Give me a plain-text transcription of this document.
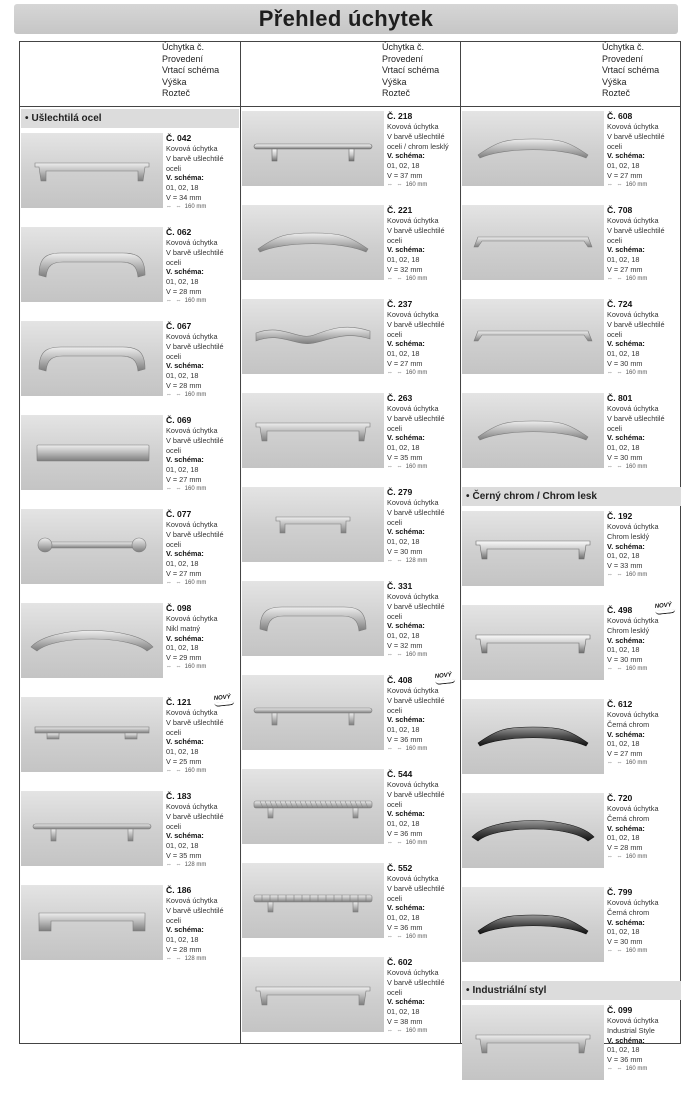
Přehled úchytek
Úchytka č.
Provedení
Vrtací schéma
Výška
Rozteč
Úchytka č.
Provedení
Vrtací schéma
Výška
Rozteč
Úchytka č.
Provedení
Vrtací schéma
Výška
Rozteč
• Ušlechtilá ocel
Č. 042
Kovová úchytka
V barvě ušlechtilé
oceli
V. schéma:
01, 02, 18
V = 34 mm
⇔ ⇔ 160 mm
Č. 062
Kovová úchytka
V barvě ušlechtilé
oceli
V. schéma:
01, 02, 18
V = 28 mm
⇔ ⇔ 160 mm
Č. 067
Kovová úchytka
V barvě ušlechtilé
oceli
V. schéma:
01, 02, 18
V = 28 mm
⇔ ⇔ 160 mm
Č. 069
Kovová úchytka
V barvě ušlechtilé
oceli
V. schéma:
01, 02, 18
V = 27 mm
⇔ ⇔ 160 mm
Č. 077
Kovová úchytka
V barvě ušlechtilé
oceli
V. schéma:
01, 02, 18
V = 27 mm
⇔ ⇔ 160 mm
Č. 098
Kovová úchytka
Nikl matný
V. schéma:
01, 02, 18
V = 29 mm
⇔ ⇔ 160 mm
Č. 121	NOVÝ
Kovová úchytka
V barvě ušlechtilé
oceli
V. schéma:
01, 02, 18
V = 25 mm
⇔ ⇔ 160 mm
Č. 183
Kovová úchytka
V barvě ušlechtilé
oceli
V. schéma:
01, 02, 18
V = 35 mm
⇔ ⇔ 128 mm
Č. 186
Kovová úchytka
V barvě ušlechtilé
oceli
V. schéma:
01, 02, 18
V = 28 mm
⇔ ⇔ 128 mm
Č. 218
Kovová úchytka
V barvě ušlechtilé
oceli / chrom lesklý
V. schéma:
01, 02, 18
V = 37 mm
⇔ ⇔ 160 mm
Č. 221
Kovová úchytka
V barvě ušlechtilé
oceli
V. schéma:
01, 02, 18
V = 32 mm
⇔ ⇔ 160 mm
Č. 237
Kovová úchytka
V barvě ušlechtilé
oceli
V. schéma:
01, 02, 18
V = 27 mm
⇔ ⇔ 160 mm
Č. 263
Kovová úchytka
V barvě ušlechtilé
oceli
V. schéma:
01, 02, 18
V = 35 mm
⇔ ⇔ 160 mm
Č. 279
Kovová úchytka
V barvě ušlechtilé
oceli
V. schéma:
01, 02, 18
V = 30 mm
⇔ ⇔ 128 mm
Č. 331
Kovová úchytka
V barvě ušlechtilé
oceli
V. schéma:
01, 02, 18
V = 32 mm
⇔ ⇔ 160 mm
Č. 408	NOVÝ
Kovová úchytka
V barvě ušlechtilé
oceli
V. schéma:
01, 02, 18
V = 36 mm
⇔ ⇔ 160 mm
Č. 544
Kovová úchytka
V barvě ušlechtilé
oceli
V. schéma:
01, 02, 18
V = 36 mm
⇔ ⇔ 160 mm
Č. 552
Kovová úchytka
V barvě ušlechtilé
oceli
V. schéma:
01, 02, 18
V = 36 mm
⇔ ⇔ 160 mm
Č. 602
Kovová úchytka
V barvě ušlechtilé
oceli
V. schéma:
01, 02, 18
V = 38 mm
⇔ ⇔ 160 mm
Č. 608
Kovová úchytka
V barvě ušlechtilé
oceli
V. schéma:
01, 02, 18
V = 27 mm
⇔ ⇔ 160 mm
Č. 708
Kovová úchytka
V barvě ušlechtilé
oceli
V. schéma:
01, 02, 18
V = 27 mm
⇔ ⇔ 160 mm
Č. 724
Kovová úchytka
V barvě ušlechtilé
oceli
V. schéma:
01, 02, 18
V = 30 mm
⇔ ⇔ 160 mm
Č. 801
Kovová úchytka
V barvě ušlechtilé
oceli
V. schéma:
01, 02, 18
V = 30 mm
⇔ ⇔ 160 mm
• Černý chrom / Chrom lesk
Č. 192
Kovová úchytka
Chrom lesklý
V. schéma:
01, 02, 18
V = 33 mm
⇔ ⇔ 160 mm
Č. 498	NOVÝ
Kovová úchytka
Chrom lesklý
V. schéma:
01, 02, 18
V = 30 mm
⇔ ⇔ 160 mm
Č. 612
Kovová úchytka
Černá chrom
V. schéma:
01, 02, 18
V = 27 mm
⇔ ⇔ 160 mm
Č. 720
Kovová úchytka
Černá chrom
V. schéma:
01, 02, 18
V = 28 mm
⇔ ⇔ 160 mm
Č. 799
Kovová úchytka
Černá chrom
V. schéma:
01, 02, 18
V = 30 mm
⇔ ⇔ 160 mm
• Industriální styl
Č. 099
Kovová úchytka
Industrial Style
V. schéma:
01, 02, 18
V = 36 mm
⇔ ⇔ 160 mm
